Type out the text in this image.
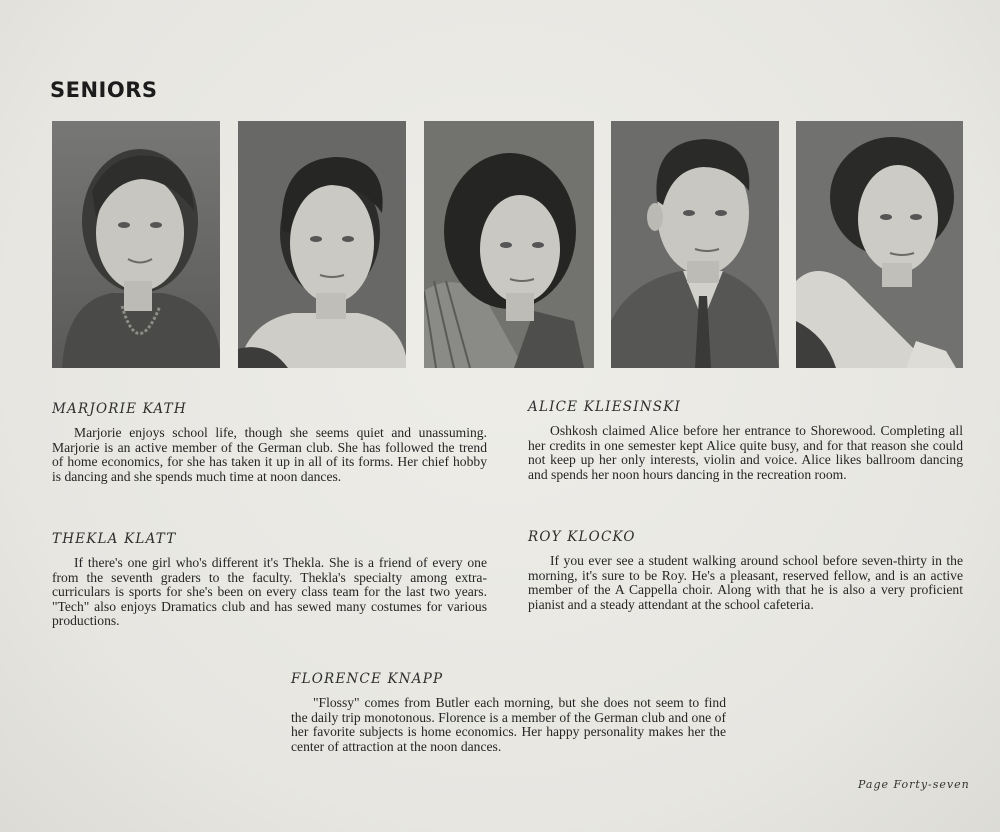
SENIORS
MARJORIE KATH

Marjorie enjoys school life, though she seems quiet and unassuming. Marjorie is an active member of the German club. She has followed the trend of home economics, for she has taken it up in all of its forms. Her chief hobby is dancing and she spends much time at noon dances.

ALICE KLIESINSKI

Oshkosh claimed Alice before her entrance to Shorewood. Completing all her credits in one semester kept Alice quite busy, and for that reason she could not keep up her only interests, violin and voice. Alice likes ballroom dancing and spends her noon hours dancing in the recreation room.

THEKLA KLATT

If there's one girl who's different it's Thekla. She is a friend of every one from the seventh graders to the faculty. Thekla's specialty among extra-curriculars is sports for she's been on every class team for the last two years. "Tech" also enjoys Dramatics club and has sewed many costumes for various productions.

ROY KLOCKO

If you ever see a student walking around school before seven-thirty in the morning, it's sure to be Roy. He's a pleasant, reserved fellow, and is an active member of the A Cappella choir. Along with that he is also a very proficient pianist and a steady attendant at the school cafeteria.

FLORENCE KNAPP

"Flossy" comes from Butler each morning, but she does not seem to find the daily trip monotonous. Florence is a member of the German club and one of her favorite subjects is home economics. Her happy personality makes her the center of attraction at the noon dances.

Page Forty-seven
